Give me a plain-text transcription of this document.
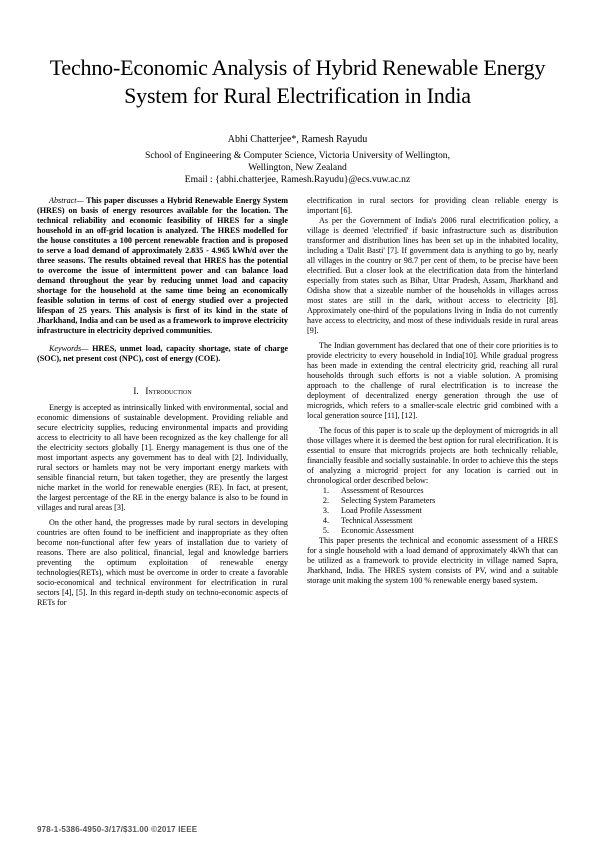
Techno-Economic Analysis of Hybrid Renewable Energy System for Rural Electrification in India
Abhi Chatterjee*, Ramesh Rayudu
School of Engineering & Computer Science, Victoria University of Wellington,
Wellington, New Zealand
Email : {abhi.chatterjee, Ramesh.Rayudu}@ecs.vuw.ac.nz

Abstract— This paper discusses a Hybrid Renewable Energy System (HRES) on basis of energy resources available for the location. The technical reliability and economic feasibility of HRES for a single household in an off-grid location is analyzed. The HRES modelled for the house constitutes a 100 percent renewable fraction and is proposed to serve a load demand of approximately 2.835 - 4.965 kWh/d over the three seasons. The results obtained reveal that HRES has the potential to overcome the issue of intermittent power and can balance load demand throughout the year by reducing unmet load and capacity shortage for the household at the same time being an economically feasible solution in terms of cost of energy studied over a projected lifespan of 25 years. This analysis is first of its kind in the state of Jharkhand, India and can be used as a framework to improve electricity infrastructure in electricity deprived communities.

Keywords— HRES, unmet load, capacity shortage, state of charge (SOC), net present cost (NPC), cost of energy (COE).

I. Introduction

Energy is accepted as intrinsically linked with environmental, social and economic dimensions of sustainable development. Providing reliable and secure electricity supplies, reducing environmental impacts and providing access to electricity to all have been recognized as the key challenge for all the electricity sectors globally [1]. Energy management is thus one of the most important aspects any government has to deal with [2]. Individually, rural sectors or hamlets may not be very important energy markets with sensible financial return, but taken together, they are presently the largest niche market in the world for renewable energies (RE). In fact, at present, the largest percentage of the RE in the energy balance is also to be found in villages and rural areas [3].

On the other hand, the progresses made by rural sectors in developing countries are often found to be inefficient and inappropriate as they often become non-functional after few years of installation due to variety of reasons. There are also political, financial, legal and knowledge barriers preventing the optimum exploitation of renewable energy technologies(RETs), which must be overcome in order to create a favorable socio-economical and technical environment for electrification in rural sectors [4], [5]. In this regard in-depth study on techno-economic aspects of RETs for

electrification in rural sectors for providing clean reliable energy is important [6].

As per the Government of India's 2006 rural electrification policy, a village is deemed 'electrified' if basic infrastructure such as distribution transformer and distribution lines has been set up in the inhabited locality, including a 'Dalit Basti' [7]. If government data is anything to go by, nearly all villages in the country or 98.7 per cent of them, to be precise have been electrified. But a closer look at the electrification data from the hinterland especially from states such as Bihar, Uttar Pradesh, Assam, Jharkhand and Odisha show that a sizeable number of the households in villages across most states are still in the dark, without access to electricity [8]. Approximately one-third of the populations living in India do not currently have access to electricity, and most of these individuals reside in rural areas [9].

The Indian government has declared that one of their core priorities is to provide electricity to every household in India[10]. While gradual progress has been made in extending the central electricity grid, reaching all rural households through such efforts is not a viable solution. A promising approach to the challenge of rural electrification is to increase the deployment of decentralized energy generation through the use of microgrids, which refers to a smaller-scale electric grid combined with a local generation source [11], [12].

The focus of this paper is to scale up the deployment of microgrids in all those villages where it is deemed the best option for rural electrification. It is essential to ensure that microgrids projects are both technically reliable, financially feasible and socially sustainable. In order to achieve this the steps of analyzing a microgrid project for any location is carried out in chronological order described below:

1. Assessment of Resources
2. Selecting System Parameters
3. Load Profile Assessment
4. Technical Assessment
5. Economic Assessment

This paper presents the technical and economic assessment of a HRES for a single household with a load demand of approximately 4kWh that can be utilized as a framework to provide electricity in village named Sapra, Jharkhand, India. The HRES system consists of PV, wind and a suitable storage unit making the system 100 % renewable energy based system.

978-1-5386-4950-3/17/$31.00 ©2017 IEEE
